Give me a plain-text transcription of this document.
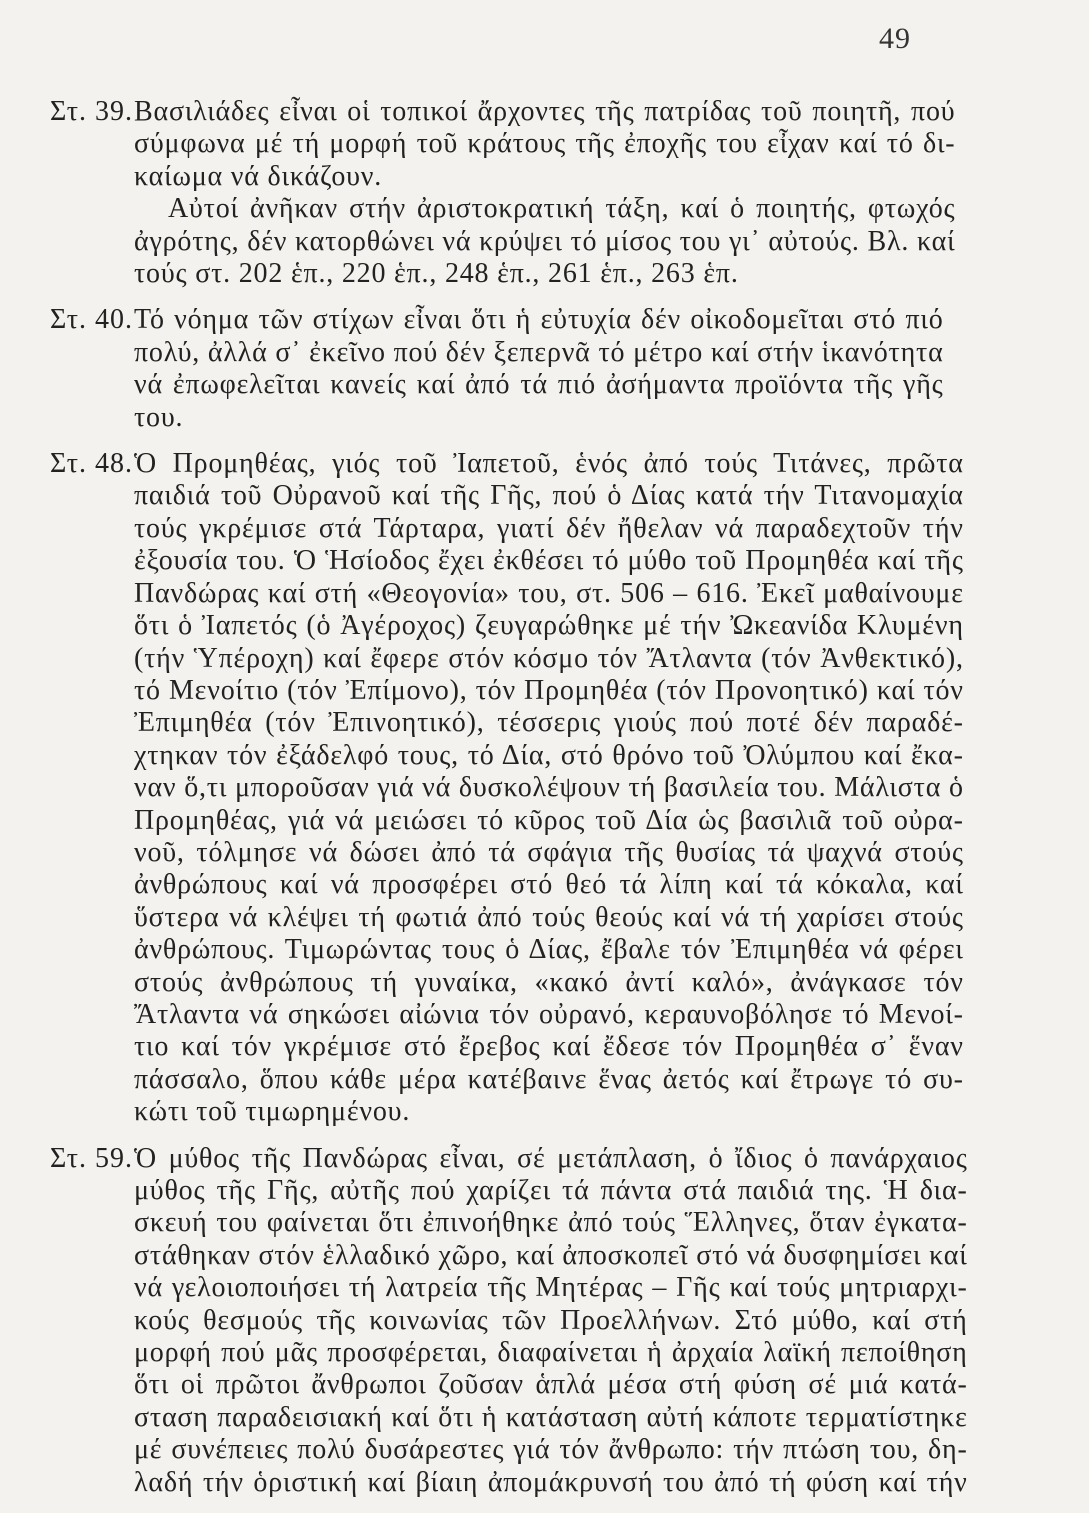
49
Στ. 39. Βασιλιάδες εἶναι οἱ τοπικοί ἄρχοντες τῆς πατρίδας τοῦ ποιητῆ, πού
σύμφωνα μέ τή μορφή τοῦ κράτους τῆς ἐποχῆς του εἶχαν καί τό δι-
καίωμα νά δικάζουν.
Αὐτοί ἀνῆκαν στήν ἀριστοκρατική τάξη, καί ὁ ποιητής, φτωχός
ἀγρότης, δέν κατορθώνει νά κρύψει τό μίσος του γι᾿ αὐτούς. Βλ. καί
τούς στ. 202 ἑπ., 220 ἑπ., 248 ἑπ., 261 ἑπ., 263 ἑπ.
Στ. 40. Τό νόημα τῶν στίχων εἶναι ὅτι ἡ εὐτυχία δέν οἰκοδομεῖται στό πιό
πολύ, ἀλλά σ᾿ ἐκεῖνο πού δέν ξεπερνᾶ τό μέτρο καί στήν ἱκανότητα
νά ἐπωφελεῖται κανείς καί ἀπό τά πιό ἀσήμαντα προϊόντα τῆς γῆς
του.
Στ. 48. Ὁ Προμηθέας, γιός τοῦ Ἰαπετοῦ, ἑνός ἀπό τούς Τιτάνες, πρῶτα
παιδιά τοῦ Οὐρανοῦ καί τῆς Γῆς, πού ὁ Δίας κατά τήν Τιτανομαχία
τούς γκρέμισε στά Τάρταρα, γιατί δέν ἤθελαν νά παραδεχτοῦν τήν
ἐξουσία του. Ὁ Ἡσίοδος ἔχει ἐκθέσει τό μύθο τοῦ Προμηθέα καί τῆς
Πανδώρας καί στή «Θεογονία» του, στ. 506 – 616. Ἐκεῖ μαθαίνουμε
ὅτι ὁ Ἰαπετός (ὁ Ἀγέροχος) ζευγαρώθηκε μέ τήν Ὠκεανίδα Κλυμένη
(τήν Ὑπέροχη) καί ἔφερε στόν κόσμο τόν Ἄτλαντα (τόν Ἀνθεκτικό),
τό Μενοίτιο (τόν Ἐπίμονο), τόν Προμηθέα (τόν Προνοητικό) καί τόν
Ἐπιμηθέα (τόν Ἐπινοητικό), τέσσερις γιούς πού ποτέ δέν παραδέ-
χτηκαν τόν ἐξάδελφό τους, τό Δία, στό θρόνο τοῦ Ὀλύμπου καί ἔκα-
ναν ὅ,τι μποροῦσαν γιά νά δυσκολέψουν τή βασιλεία του. Μάλιστα ὁ
Προμηθέας, γιά νά μειώσει τό κῦρος τοῦ Δία ὡς βασιλιᾶ τοῦ οὐρα-
νοῦ, τόλμησε νά δώσει ἀπό τά σφάγια τῆς θυσίας τά ψαχνά στούς
ἀνθρώπους καί νά προσφέρει στό θεό τά λίπη καί τά κόκαλα, καί
ὕστερα νά κλέψει τή φωτιά ἀπό τούς θεούς καί νά τή χαρίσει στούς
ἀνθρώπους. Τιμωρώντας τους ὁ Δίας, ἔβαλε τόν Ἐπιμηθέα νά φέρει
στούς ἀνθρώπους τή γυναίκα, «κακό ἀντί καλό», ἀνάγκασε τόν
Ἄτλαντα νά σηκώσει αἰώνια τόν οὐρανό, κεραυνοβόλησε τό Μενοί-
τιο καί τόν γκρέμισε στό ἔρεβος καί ἔδεσε τόν Προμηθέα σ᾿ ἕναν
πάσσαλο, ὅπου κάθε μέρα κατέβαινε ἕνας ἀετός καί ἔτρωγε τό συ-
κώτι τοῦ τιμωρημένου.
Στ. 59. Ὁ μύθος τῆς Πανδώρας εἶναι, σέ μετάπλαση, ὁ ἴδιος ὁ πανάρχαιος
μύθος τῆς Γῆς, αὐτῆς πού χαρίζει τά πάντα στά παιδιά της. Ἡ δια-
σκευή του φαίνεται ὅτι ἐπινοήθηκε ἀπό τούς Ἕλληνες, ὅταν ἐγκατα-
στάθηκαν στόν ἑλλαδικό χῶρο, καί ἀποσκοπεῖ στό νά δυσφημίσει καί
νά γελοιοποιήσει τή λατρεία τῆς Μητέρας – Γῆς καί τούς μητριαρχι-
κούς θεσμούς τῆς κοινωνίας τῶν Προελλήνων. Στό μύθο, καί στή
μορφή πού μᾶς προσφέρεται, διαφαίνεται ἡ ἀρχαία λαϊκή πεποίθηση
ὅτι οἱ πρῶτοι ἄνθρωποι ζοῦσαν ἁπλά μέσα στή φύση σέ μιά κατά-
σταση παραδεισιακή καί ὅτι ἡ κατάσταση αὐτή κάποτε τερματίστηκε
μέ συνέπειες πολύ δυσάρεστες γιά τόν ἄνθρωπο: τήν πτώση του, δη-
λαδή τήν ὁριστική καί βίαιη ἀπομάκρυνσή του ἀπό τή φύση καί τήν
